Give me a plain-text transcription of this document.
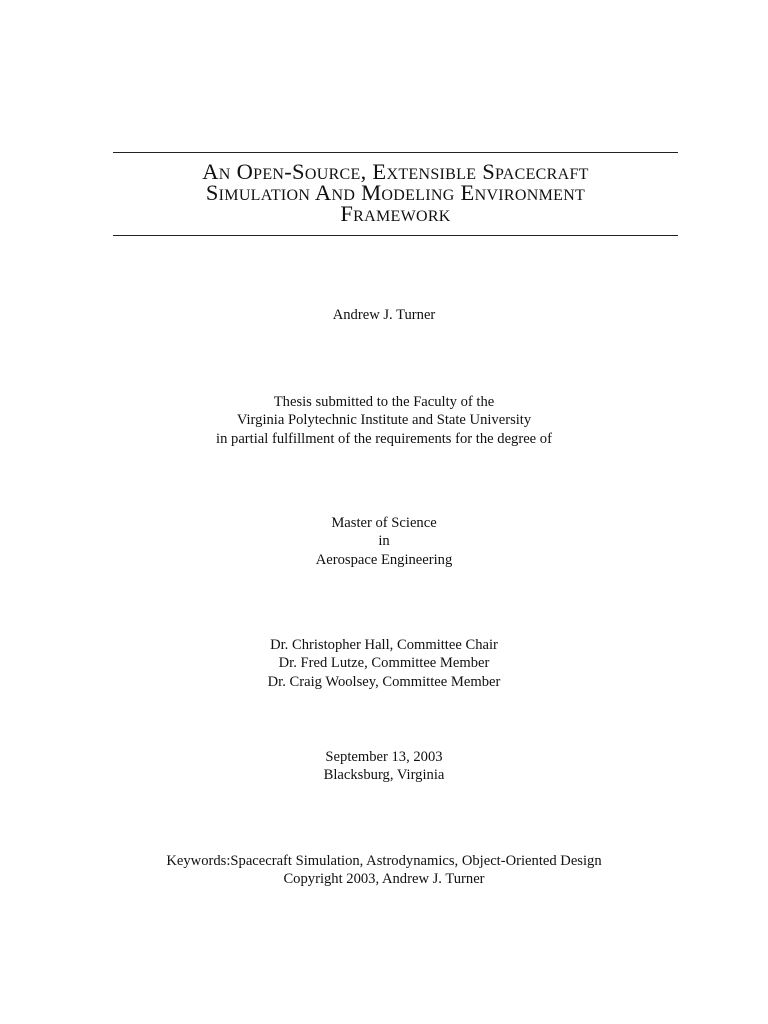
An Open-Source, Extensible Spacecraft
Simulation And Modeling Environment
Framework
Andrew J. Turner
Thesis submitted to the Faculty of the
Virginia Polytechnic Institute and State University
in partial fulfillment of the requirements for the degree of
Master of Science
in
Aerospace Engineering
Dr. Christopher Hall, Committee Chair
Dr. Fred Lutze, Committee Member
Dr. Craig Woolsey, Committee Member
September 13, 2003
Blacksburg, Virginia
Keywords:Spacecraft Simulation, Astrodynamics, Object-Oriented Design
Copyright 2003, Andrew J. Turner
